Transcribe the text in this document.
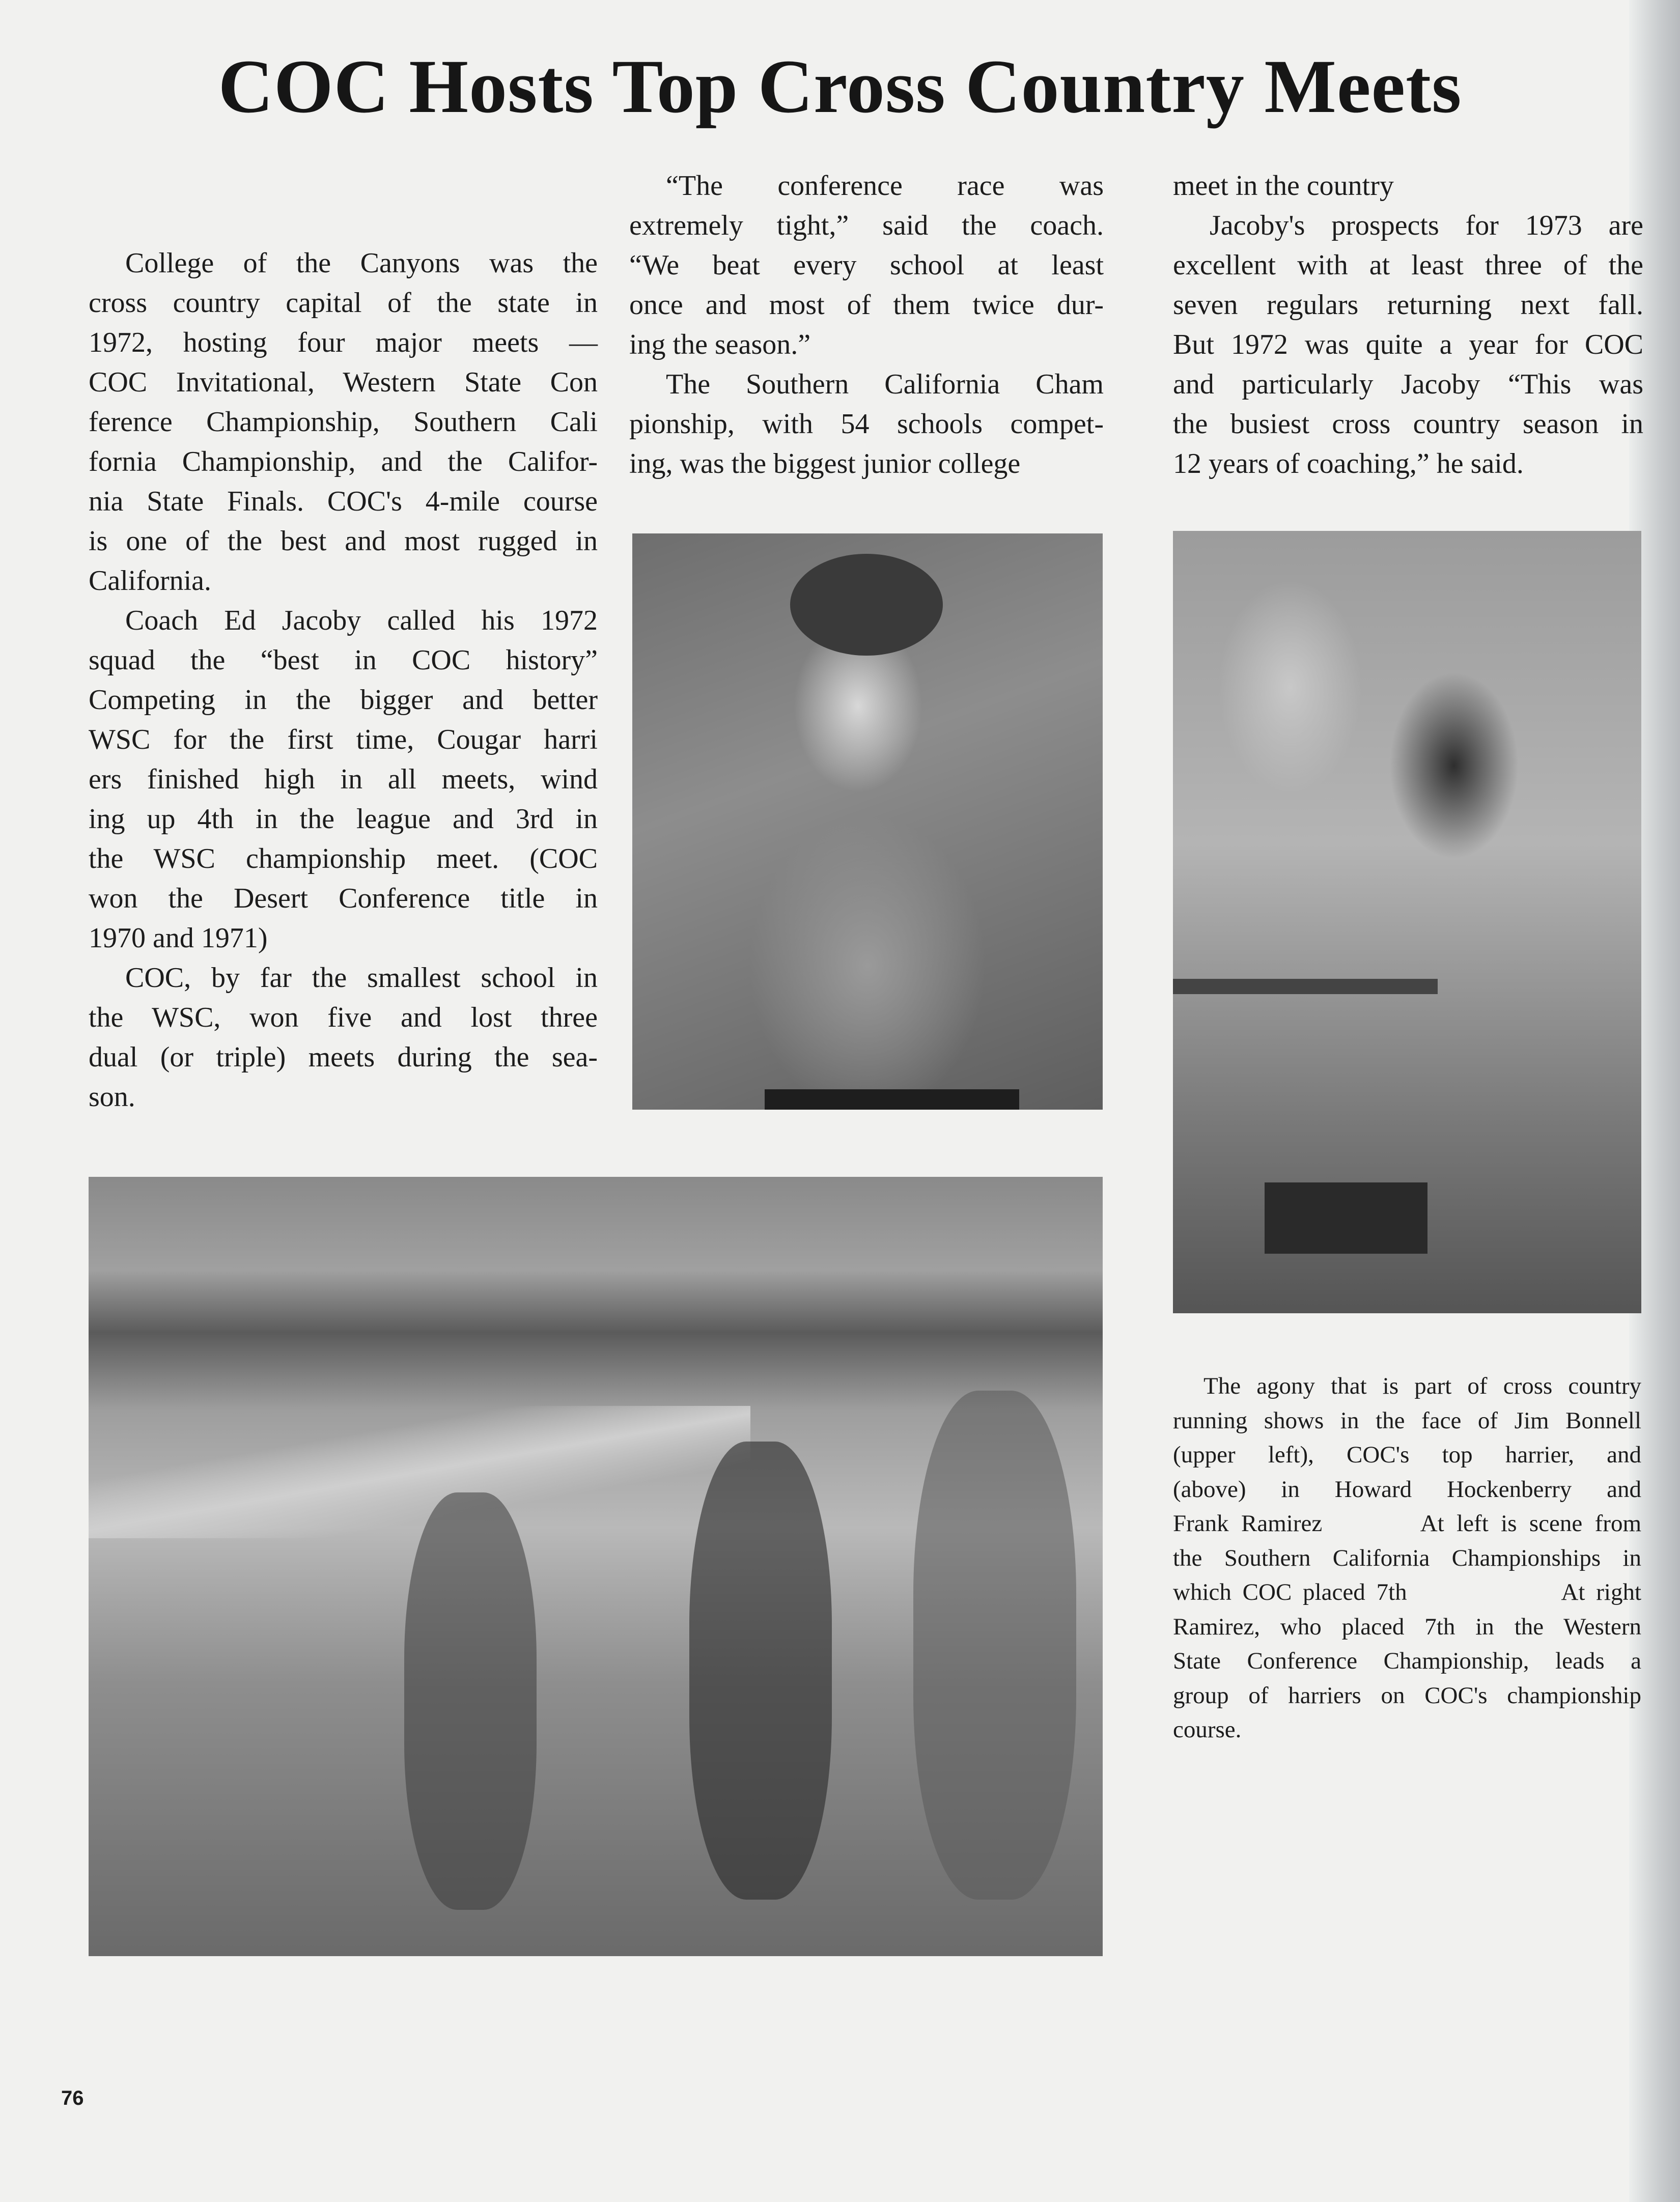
COC Hosts Top Cross Country Meets
College of the Canyons was the
cross country capital of the state in
1972, hosting four major meets —
COC Invitational, Western State Con
ference Championship, Southern Cali
fornia Championship, and the Califor-
nia State Finals. COC's 4-mile course
is one of the best and most rugged in
California.
Coach Ed Jacoby called his 1972
squad the “best in COC history”
Competing in the bigger and better
WSC for the first time, Cougar harri
ers finished high in all meets, wind
ing up 4th in the league and 3rd in
the WSC championship meet. (COC
won the Desert Conference title in
1970 and 1971)
COC, by far the smallest school in
the WSC, won five and lost three
dual (or triple) meets during the sea-
son.
“The conference race was
extremely tight,” said the coach.
“We beat every school at least
once and most of them twice dur-
ing the season.”
The Southern California Cham
pionship, with 54 schools compet-
ing, was the biggest junior college
meet in the country
Jacoby's prospects for 1973 are
excellent with at least three of the
seven regulars returning next fall.
But 1972 was quite a year for COC
and particularly Jacoby “This was
the busiest cross country season in
12 years of coaching,” he said.
The agony that is part of cross country
running shows in the face of Jim Bonnell
(upper left), COC's top harrier, and
(above) in Howard Hockenberry and
Frank Ramirez        At left is scene from
the Southern California Championships in
which COC placed 7th              At right
Ramirez, who placed 7th in the Western
State Conference Championship, leads a
group of harriers on COC's championship
course.
76
